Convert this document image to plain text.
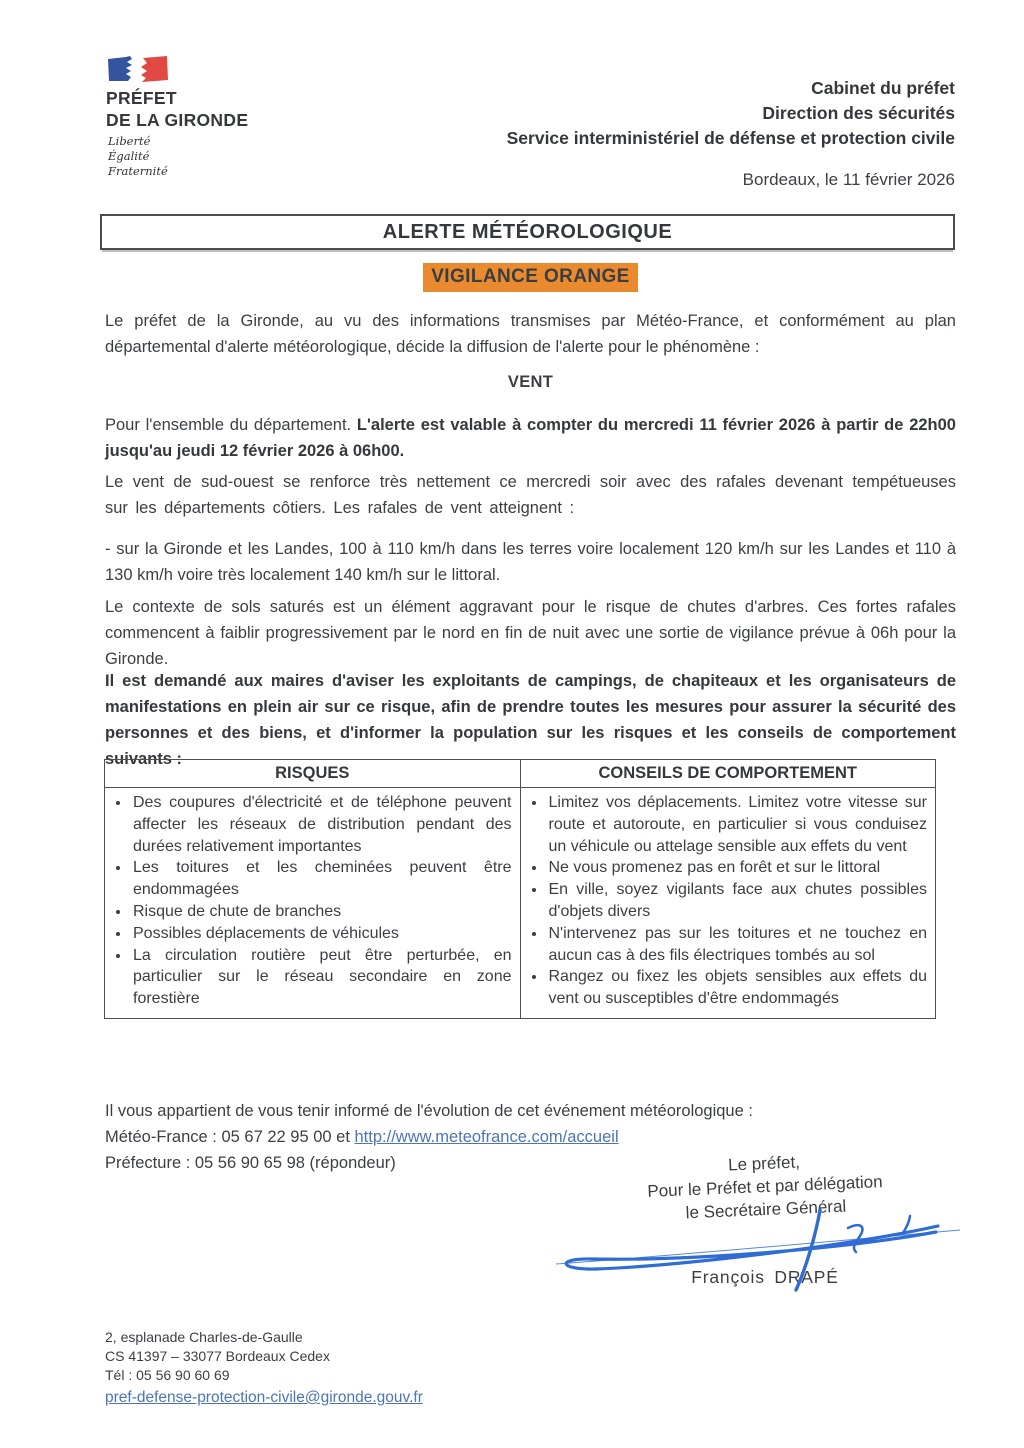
PRÉFET
DE LA GIRONDE
Liberté
Égalité
Fraternité
Cabinet du préfet
Direction des sécurités
Service interministériel de défense et protection civile
Bordeaux, le 11 février 2026
ALERTE MÉTÉOROLOGIQUE
VIGILANCE ORANGE
Le préfet de la Gironde, au vu des informations transmises par Météo-France, et conformément au plan départemental d'alerte météorologique, décide la diffusion de l'alerte pour le phénomène :
VENT
Pour l'ensemble du département. L'alerte est valable à compter du mercredi 11 février 2026 à partir de 22h00 jusqu'au jeudi 12 février 2026 à 06h00.
Le vent de sud-ouest se renforce très nettement ce mercredi soir avec des rafales devenant tempétueuses sur les départements côtiers. Les rafales de vent atteignent :
- sur la Gironde et les Landes, 100 à 110 km/h dans les terres voire localement 120 km/h sur les Landes et 110 à 130 km/h voire très localement 140 km/h sur le littoral.
Le contexte de sols saturés est un élément aggravant pour le risque de chutes d'arbres. Ces fortes rafales commencent à faiblir progressivement par le nord en fin de nuit avec une sortie de vigilance prévue à 06h pour la Gironde.
Il est demandé aux maires d'aviser les exploitants de campings, de chapiteaux et les organisateurs de manifestations en plein air sur ce risque, afin de prendre toutes les mesures pour assurer la sécurité des personnes et des biens, et d'informer la population sur les risques et les conseils de comportement suivants :
RISQUES	CONSEILS DE COMPORTEMENT

• Des coupures d'électricité et de téléphone peuvent affecter les réseaux de distribution pendant des durées relativement importantes
• Les toitures et les cheminées peuvent être endommagées
• Risque de chute de branches
• Possibles déplacements de véhicules
• La circulation routière peut être perturbée, en particulier sur le réseau secondaire en zone forestière

• Limitez vos déplacements. Limitez votre vitesse sur route et autoroute, en particulier si vous conduisez un véhicule ou attelage sensible aux effets du vent
• Ne vous promenez pas en forêt et sur le littoral
• En ville, soyez vigilants face aux chutes possibles d'objets divers
• N'intervenez pas sur les toitures et ne touchez en aucun cas à des fils électriques tombés au sol
• Rangez ou fixez les objets sensibles aux effets du vent ou susceptibles d'être endommagés
Il vous appartient de vous tenir informé de l'évolution de cet événement météorologique :
Météo-France : 05 67 22 95 00 et http://www.meteofrance.com/accueil
Préfecture : 05 56 90 65 98 (répondeur)	Le préfet,
Pour le Préfet et par délégation
le Secrétaire Général
François DRAPÉ
2, esplanade Charles-de-Gaulle
CS 41397 – 33077 Bordeaux Cedex
Tél : 05 56 90 60 69
pref-defense-protection-civile@gironde.gouv.fr
